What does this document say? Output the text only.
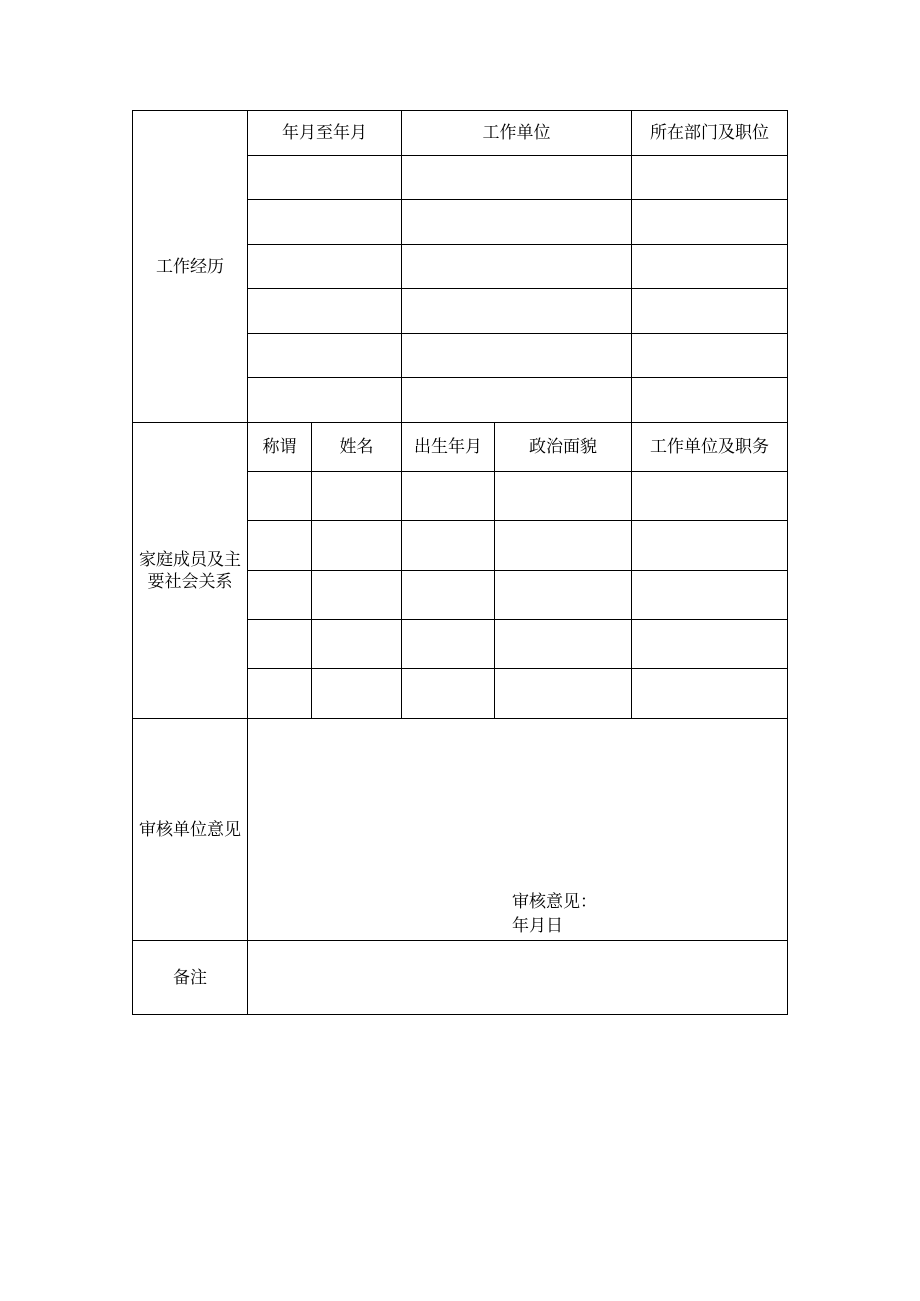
工作经历	年月至年月		工作单位		所在部门及职位

家庭成员及主
要社会关系	称谓	姓名	出生年月	政治面貌	工作单位及职务

审核单位意见	审核意见：
年月日				

备注					
